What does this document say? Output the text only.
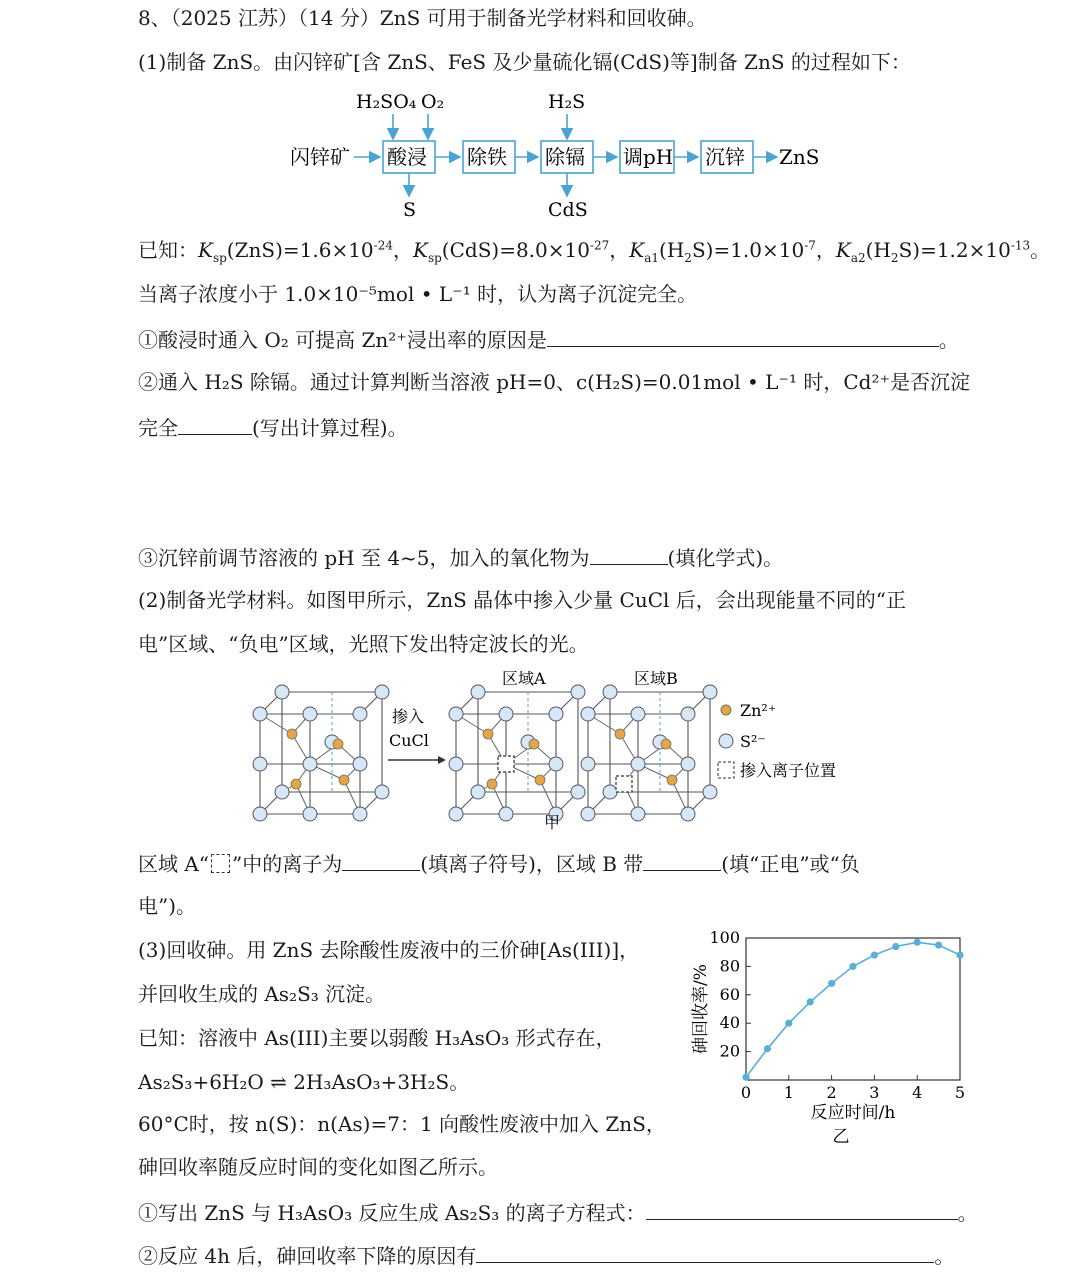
8、（2025 江苏）（14 分）ZnS 可用于制备光学材料和回收砷。
(1)制备 ZnS。由闪锌矿[含 ZnS、FeS 及少量硫化镉(CdS)等]制备 ZnS 的过程如下：
闪锌矿 酸浸 除铁 除镉 调pH 沉锌 ZnS
H₂SO₄ O₂	H₂S
S	CdS
已知：$K_{sp}(ZnS)=1.6\times 10^{-24}$，$K_{sp}(CdS)=8.0\times 10^{-27}$，$K_{a1}(H_2S)=1.0\times 10^{-7}$，$K_{a2}(H_2S)=1.2\times 10^{-13}$。
当离子浓度小于 1.0×10⁻⁵mol • L⁻¹ 时，认为离子沉淀完全。
①酸浸时通入 O₂ 可提高 Zn²⁺浸出率的原因是	。
②通入 H₂S 除镉。通过计算判断当溶液 pH=0、c(H₂S)=0.01mol • L⁻¹ 时，Cd²⁺是否沉淀
完全	(写出计算过程)。
③沉锌前调节溶液的 pH 至 4~5，加入的氧化物为	(填化学式)。
(2)制备光学材料。如图甲所示，ZnS 晶体中掺入少量 CuCl 后，会出现能量不同的“正
电”区域、“负电”区域，光照下发出特定波长的光。
掺入
CuCl
区域A	区域B
Zn²⁺
S²⁻
掺入离子位置
甲
区域 A“ ”中的离子为	(填离子符号)，区域 B 带	(填“正电”或“负
电”)。
(3)回收砷。用 ZnS 去除酸性废液中的三价砷[As(III)]，
并回收生成的 As₂S₃ 沉淀。
已知：溶液中 As(III)主要以弱酸 H₃AsO₃ 形式存在，
As₂S₃+6H₂O ⇌ 2H₃AsO₃+3H₂S。
60°C时，按 n(S)：n(As)=7：1 向酸性废液中加入 ZnS，
砷回收率随反应时间的变化如图乙所示。
20
40
60
80
100
0 1 2 3 4 5
反应时间/h
乙
砷回收率/%
①写出 ZnS 与 H₃AsO₃ 反应生成 As₂S₃ 的离子方程式：	。
②反应 4h 后，砷回收率下降的原因有	。
